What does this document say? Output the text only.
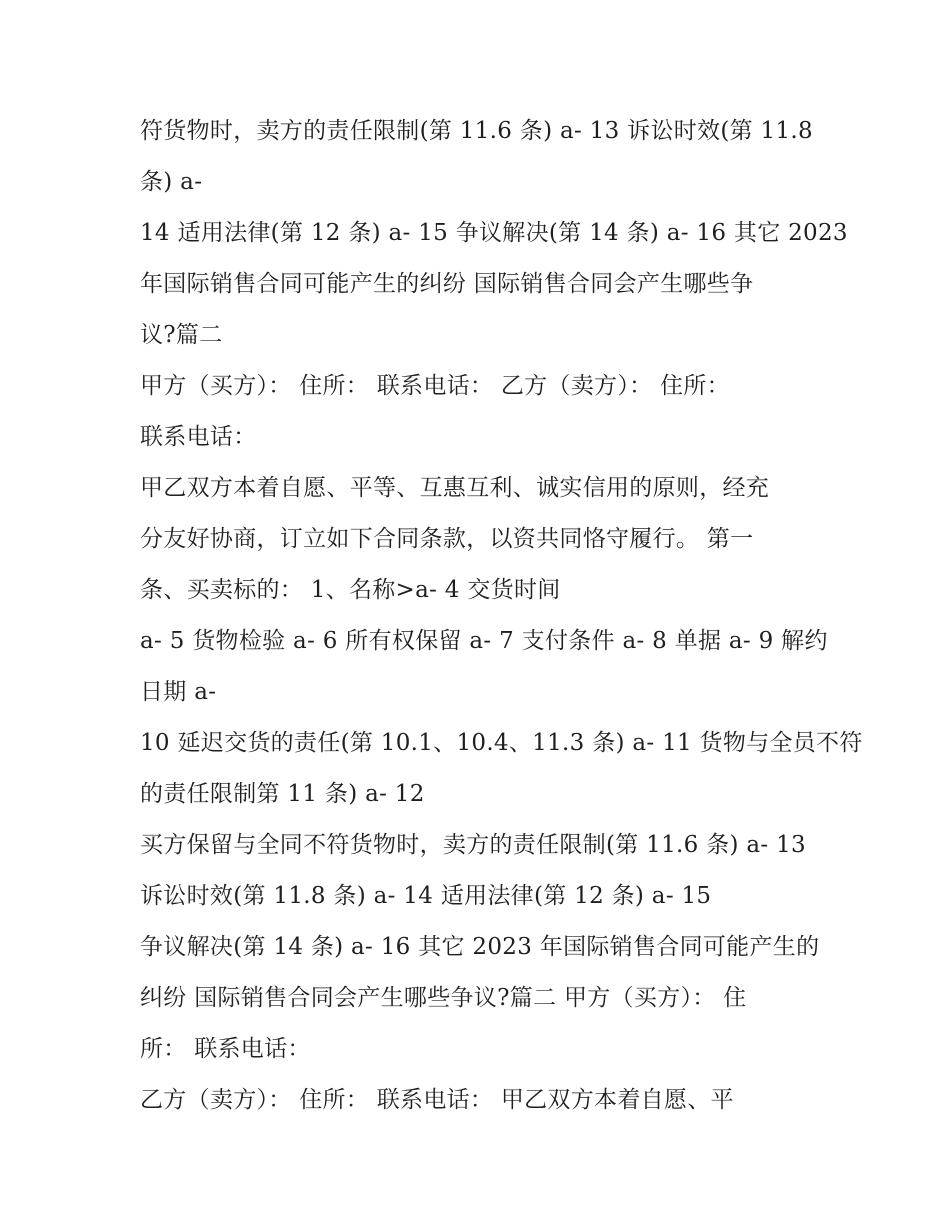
符货物时，卖方的责任限制(第 11.6 条) a- 13 诉讼时效(第 11.8
条) a-
14 适用法律(第 12 条) a- 15 争议解决(第 14 条) a- 16 其它 2023
年国际销售合同可能产生的纠纷 国际销售合同会产生哪些争
议?篇二
甲方（买方）： 住所： 联系电话： 乙方（卖方）： 住所：
联系电话：
甲乙双方本着自愿、平等、互惠互利、诚实信用的原则，经充
分友好协商，订立如下合同条款，以资共同恪守履行。 第一
条、买卖标的： 1、名称>a- 4 交货时间
a- 5 货物检验 a- 6 所有权保留 a- 7 支付条件 a- 8 单据 a- 9 解约
日期 a-
10 延迟交货的责任(第 10.1、10.4、11.3 条) a- 11 货物与全员不符
的责任限制第 11 条) a- 12
买方保留与全同不符货物时，卖方的责任限制(第 11.6 条) a- 13
诉讼时效(第 11.8 条) a- 14 适用法律(第 12 条) a- 15
争议解决(第 14 条) a- 16 其它 2023 年国际销售合同可能产生的
纠纷 国际销售合同会产生哪些争议?篇二 甲方（买方）： 住
所： 联系电话：
乙方（卖方）： 住所： 联系电话： 甲乙双方本着自愿、平
